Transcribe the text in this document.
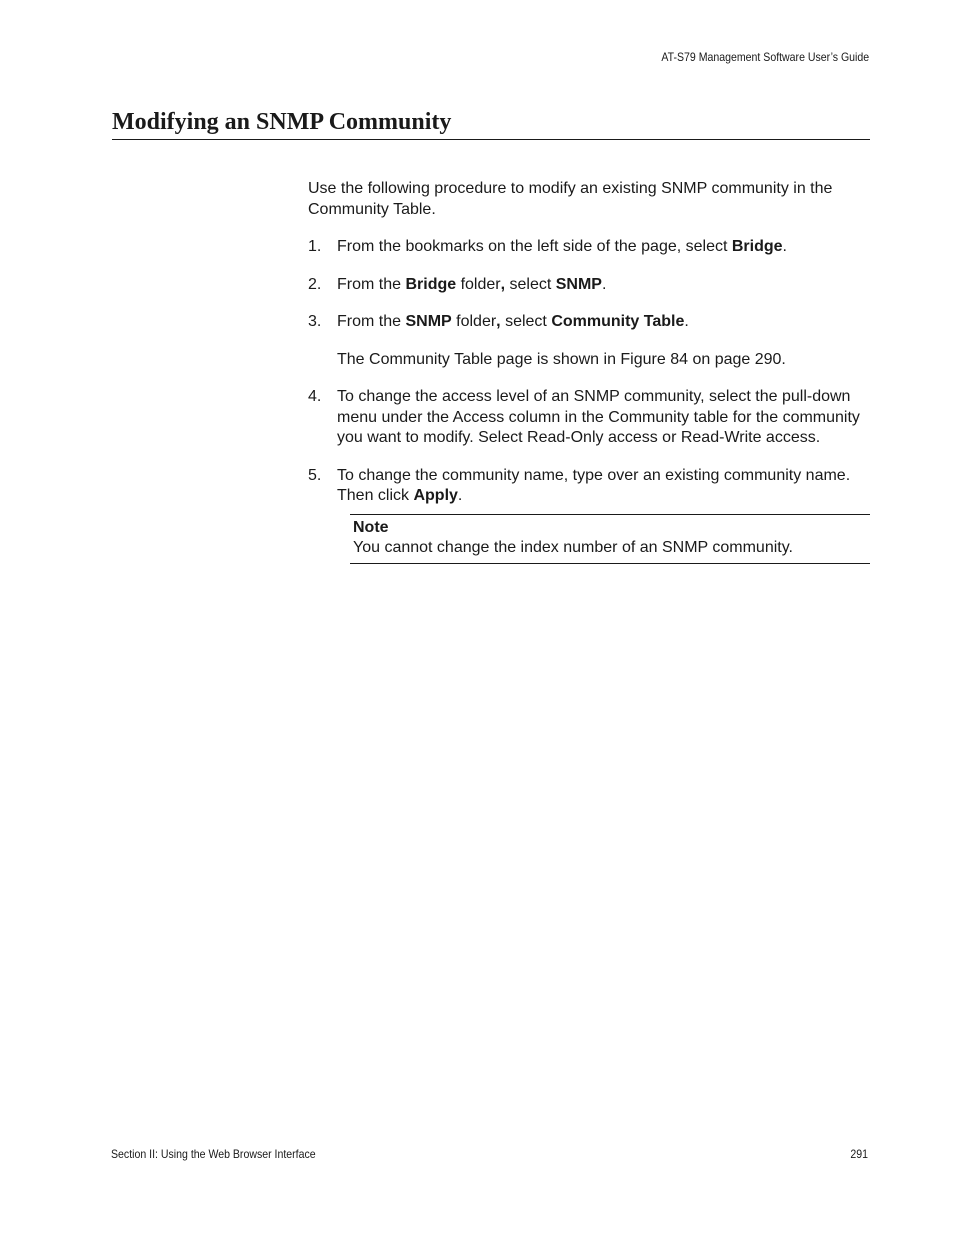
AT-S79 Management Software User’s Guide
Modifying an SNMP Community

Use the following procedure to modify an existing SNMP community in the Community Table.

1. From the bookmarks on the left side of the page, select Bridge.
2. From the Bridge folder, select SNMP.
3. From the SNMP folder, select Community Table.

The Community Table page is shown in Figure 84 on page 290.

4. To change the access level of an SNMP community, select the pull-down menu under the Access column in the Community table for the community you want to modify. Select Read-Only access or Read-Write access.
5. To change the community name, type over an existing community name. Then click Apply.
Note
You cannot change the index number of an SNMP community.
Section II: Using the Web Browser Interface	291
